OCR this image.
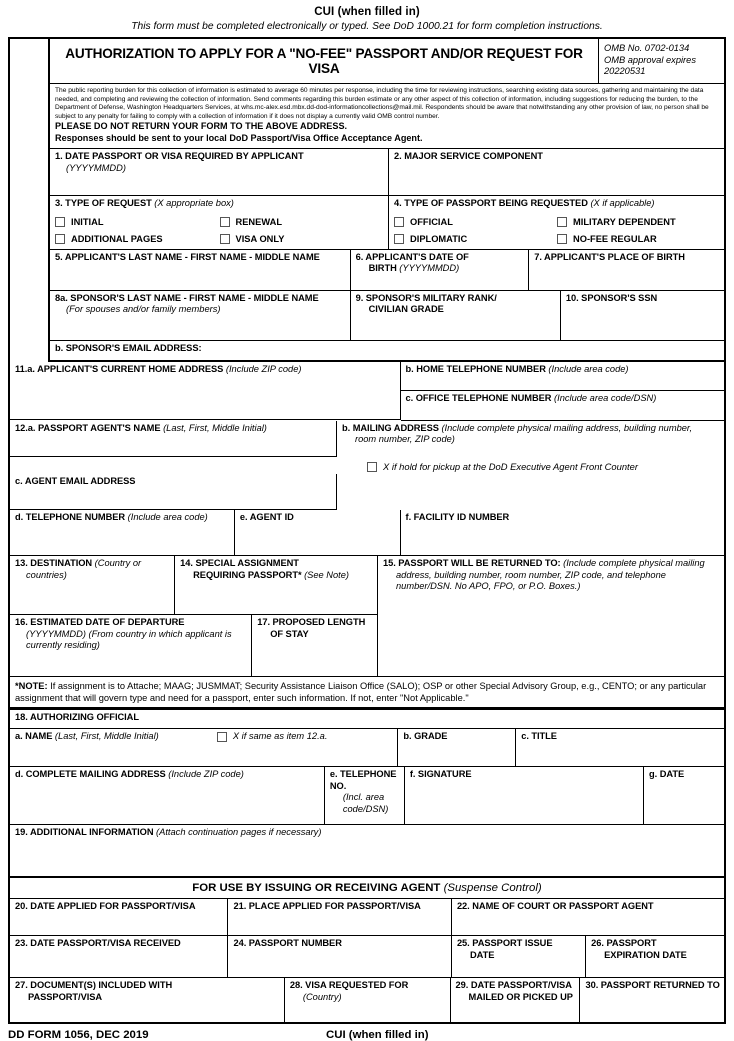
CUI (when filled in)
This form must be completed electronically or typed. See DoD 1000.21 for form completion instructions.
AUTHORIZATION TO APPLY FOR A "NO-FEE" PASSPORT AND/OR REQUEST FOR VISA
OMB No. 0702-0134
OMB approval expires
20220531
The public reporting burden for this collection of information is estimated to average 60 minutes per response, including the time for reviewing instructions, searching existing data sources, gathering and maintaining the data needed, and completing and reviewing the collection of information. Send comments regarding this burden estimate or any other aspect of this collection of information, including suggestions for reducing the burden, to the Department of Defense, Washington Headquarters Services, at whs.mc-alex.esd.mbx.dd-dod-informationcollections@mail.mil. Respondents should be aware that notwithstanding any other provision of law, no person shall be subject to any penalty for failing to comply with a collection of information if it does not display a currently valid OMB control number.
PLEASE DO NOT RETURN YOUR FORM TO THE ABOVE ADDRESS.
Responses should be sent to your local DoD Passport/Visa Office Acceptance Agent.
1. DATE PASSPORT OR VISA REQUIRED BY APPLICANT
(YYYYMMDD)
2. MAJOR SERVICE COMPONENT
3. TYPE OF REQUEST (X appropriate box)
INITIAL	RENEWAL
ADDITIONAL PAGES	VISA ONLY
4. TYPE OF PASSPORT BEING REQUESTED (X if applicable)
OFFICIAL	MILITARY DEPENDENT
DIPLOMATIC	NO-FEE REGULAR
5. APPLICANT'S LAST NAME - FIRST NAME - MIDDLE NAME	6. APPLICANT'S DATE OF
BIRTH (YYYYMMDD)
7. APPLICANT'S PLACE OF BIRTH
8a. SPONSOR'S LAST NAME - FIRST NAME - MIDDLE NAME
(For spouses and/or family members)
9. SPONSOR'S MILITARY RANK/
CIVILIAN GRADE
10. SPONSOR'S SSN
b. SPONSOR'S EMAIL ADDRESS:
11.a. APPLICANT'S CURRENT HOME ADDRESS (Include ZIP code)	b. HOME TELEPHONE NUMBER (Include area code)
c. OFFICE TELEPHONE NUMBER (Include area code/DSN)
12.a. PASSPORT AGENT'S NAME (Last, First, Middle Initial)	b. MAILING ADDRESS (Include complete physical mailing address, building number,
room number, ZIP code)
X if hold for pickup at the DoD Executive Agent Front Counter
c. AGENT EMAIL ADDRESS
d. TELEPHONE NUMBER (Include area code)	e. AGENT ID	f. FACILITY ID NUMBER
13. DESTINATION (Country or
countries)
14. SPECIAL ASSIGNMENT
REQUIRING PASSPORT* (See Note)
16. ESTIMATED DATE OF DEPARTURE
(YYYYMMDD) (From country in which applicant is
currently residing)
17. PROPOSED LENGTH
OF STAY
15. PASSPORT WILL BE RETURNED TO: (Include complete physical mailing
address, building number, room number, ZIP code, and telephone
number/DSN. No APO, FPO, or P.O. Boxes.)
*NOTE: If assignment is to Attache; MAAG; JUSMMAT; Security Assistance Liaison Office (SALO); OSP or other Special Advisory Group, e.g., CENTO; or any particular assignment that will govern type and need for a passport, enter such information. If not, enter "Not Applicable."
18. AUTHORIZING OFFICIAL
a. NAME (Last, First, Middle Initial)	X if same as item 12.a.	b. GRADE	c. TITLE
d. COMPLETE MAILING ADDRESS (Include ZIP code)	e. TELEPHONE NO.
(Incl. area code/DSN)
f. SIGNATURE	g. DATE
19. ADDITIONAL INFORMATION (Attach continuation pages if necessary)
FOR USE BY ISSUING OR RECEIVING AGENT (Suspense Control)
20. DATE APPLIED FOR PASSPORT/VISA	21. PLACE APPLIED FOR PASSPORT/VISA	22. NAME OF COURT OR PASSPORT AGENT
23. DATE PASSPORT/VISA RECEIVED	24. PASSPORT NUMBER	25. PASSPORT ISSUE
DATE
26. PASSPORT
EXPIRATION DATE
27. DOCUMENT(S) INCLUDED WITH
PASSPORT/VISA
28. VISA REQUESTED FOR
(Country)
29. DATE PASSPORT/VISA
MAILED OR PICKED UP
30. PASSPORT RETURNED TO
DD FORM 1056, DEC 2019	CUI (when filled in)
